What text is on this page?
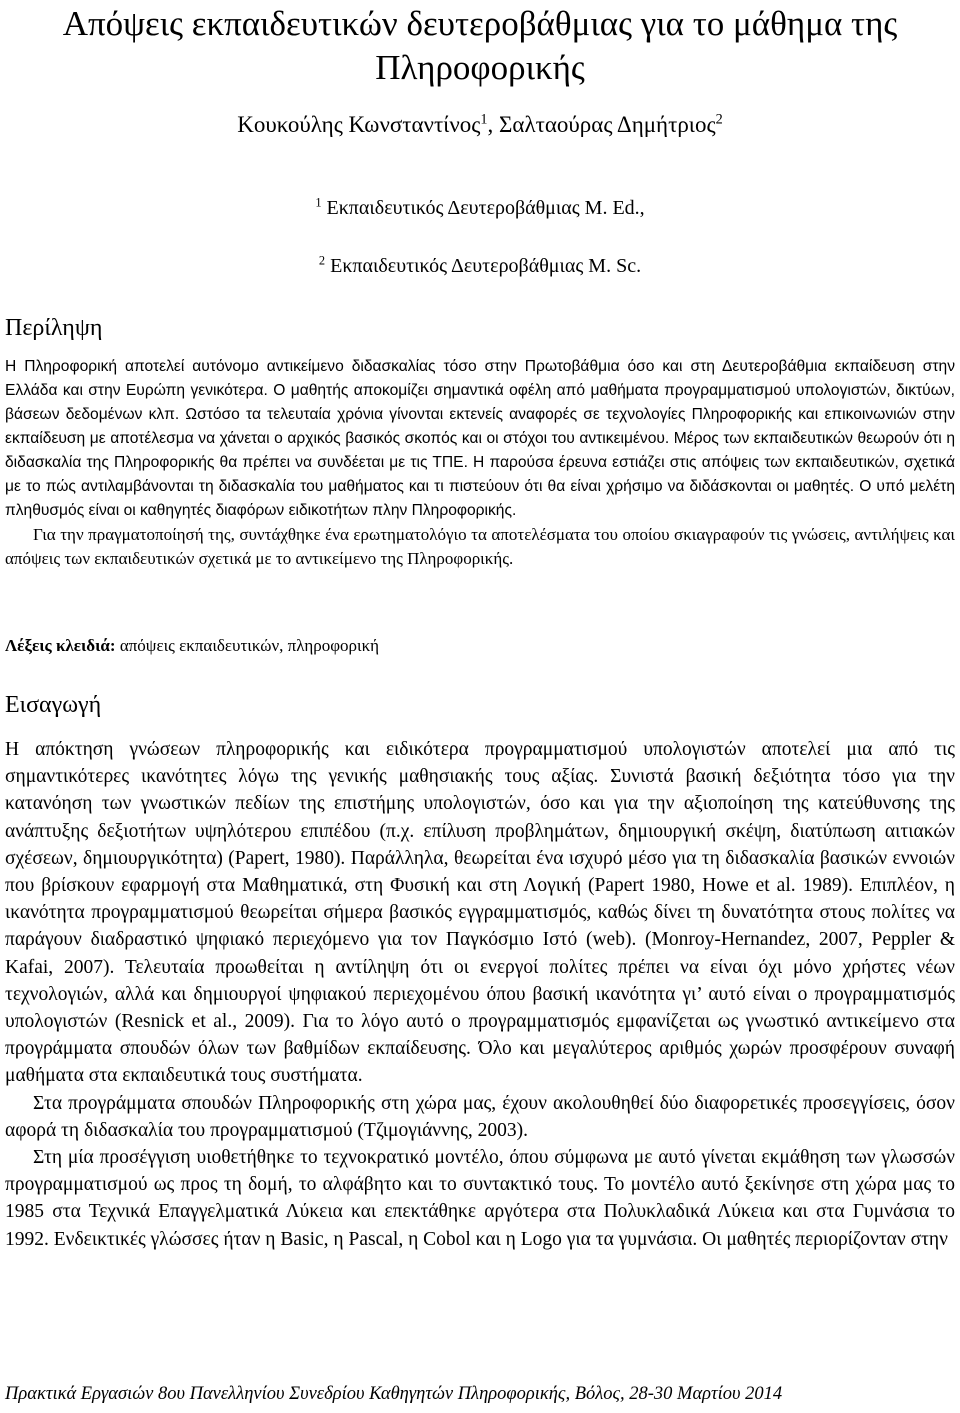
Απόψεις εκπαιδευτικών δευτεροβάθμιας για το μάθημα της Πληροφορικής
Κουκούλης Κωνσταντίνος$^1$, Σαλταούρας Δημήτριος$^2$
$^1$ Εκπαιδευτικός Δευτεροβάθμιας M. Ed.,
$^2$ Εκπαιδευτικός Δευτεροβάθμιας M. Sc.
Περίληψη

Η Πληροφορική αποτελεί αυτόνομο αντικείμενο διδασκαλίας τόσο στην Πρωτοβάθμια όσο και στη Δευτεροβάθμια εκπαίδευση στην Ελλάδα και στην Ευρώπη γενικότερα. Ο μαθητής αποκομίζει σημαντικά οφέλη από μαθήματα προγραμματισμού υπολογιστών, δικτύων, βάσεων δεδομένων κλπ. Ωστόσο τα τελευταία χρόνια γίνονται εκτενείς αναφορές σε τεχνολογίες Πληροφορικής και επικοινωνιών στην εκπαίδευση με αποτέλεσμα να χάνεται ο αρχικός βασικός σκοπός και οι στόχοι του αντικειμένου. Μέρος των εκπαιδευτικών θεωρούν ότι η διδασκαλία της Πληροφορικής θα πρέπει να συνδέεται με τις ΤΠΕ. Η παρούσα έρευνα εστιάζει στις απόψεις των εκπαιδευτικών, σχετικά με το πώς αντιλαμβάνονται τη διδασκαλία του μαθήματος και τι πιστεύουν ότι θα είναι χρήσιμο να διδάσκονται οι μαθητές. Ο υπό μελέτη πληθυσμός είναι οι καθηγητές διαφόρων ειδικοτήτων πλην Πληροφορικής.

Για την πραγματοποίησή της, συντάχθηκε ένα ερωτηματολόγιο τα αποτελέσματα του οποίου σκιαγραφούν τις γνώσεις, αντιλήψεις και απόψεις των εκπαιδευτικών σχετικά με το αντικείμενο της Πληροφορικής.

Λέξεις κλειδιά: απόψεις εκπαιδευτικών, πληροφορική
Εισαγωγή

Η απόκτηση γνώσεων πληροφορικής και ειδικότερα προγραμματισμού υπολογιστών αποτελεί μια από τις σημαντικότερες ικανότητες λόγω της γενικής μαθησιακής τους αξίας. Συνιστά βασική δεξιότητα τόσο για την κατανόηση των γνωστικών πεδίων της επιστήμης υπολογιστών, όσο και για την αξιοποίηση της κατεύθυνσης της ανάπτυξης δεξιοτήτων υψηλότερου επιπέδου (π.χ. επίλυση προβλημάτων, δημιουργική σκέψη, διατύπωση αιτιακών σχέσεων, δημιουργικότητα) (Papert, 1980). Παράλληλα, θεωρείται ένα ισχυρό μέσο για τη διδασκαλία βασικών εννοιών που βρίσκουν εφαρμογή στα Μαθηματικά, στη Φυσική και στη Λογική (Papert 1980, Howe et al. 1989). Επιπλέον, η ικανότητα προγραμματισμού θεωρείται σήμερα βασικός εγγραμματισμός, καθώς δίνει τη δυνατότητα στους πολίτες να παράγουν διαδραστικό ψηφιακό περιεχόμενο για τον Παγκόσμιο Ιστό (web). (Monroy-Hernandez, 2007, Peppler & Kafai, 2007). Τελευταία προωθείται η αντίληψη ότι οι ενεργοί πολίτες πρέπει να είναι όχι μόνο χρήστες νέων τεχνολογιών, αλλά και δημιουργοί ψηφιακού περιεχομένου όπου βασική ικανότητα γι’ αυτό είναι ο προγραμματισμός υπολογιστών (Resnick et al., 2009). Για το λόγο αυτό ο προγραμματισμός εμφανίζεται ως γνωστικό αντικείμενο στα προγράμματα σπουδών όλων των βαθμίδων εκπαίδευσης. Όλο και μεγαλύτερος αριθμός χωρών προσφέρουν συναφή μαθήματα στα εκπαιδευτικά τους συστήματα.

Στα προγράμματα σπουδών Πληροφορικής στη χώρα μας, έχουν ακολουθηθεί δύο διαφορετικές προσεγγίσεις, όσον αφορά τη διδασκαλία του προγραμματισμού (Τζιμογιάννης, 2003).

Στη μία προσέγγιση υιοθετήθηκε το τεχνοκρατικό μοντέλο, όπου σύμφωνα με αυτό γίνεται εκμάθηση των γλωσσών προγραμματισμού ως προς τη δομή, το αλφάβητο και το συντακτικό τους. Το μοντέλο αυτό ξεκίνησε στη χώρα μας το 1985 στα Τεχνικά Επαγγελματικά Λύκεια και επεκτάθηκε αργότερα στα Πολυκλαδικά Λύκεια και στα Γυμνάσια το 1992. Ενδεικτικές γλώσσες ήταν η Basic, η Pascal, η Cobol και η Logo για τα γυμνάσια. Οι μαθητές περιορίζονταν στην

Πρακτικά Εργασιών 8ου Πανελληνίου Συνεδρίου Καθηγητών Πληροφορικής, Βόλος, 28-30 Μαρτίου 2014
